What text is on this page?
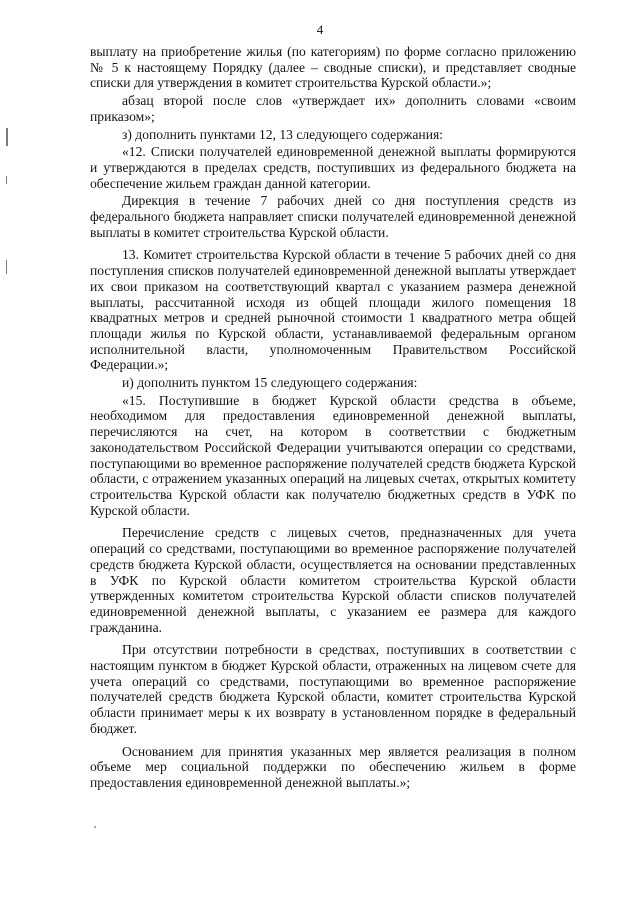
4

выплату на приобретение жилья (по категориям) по форме согласно приложению № 5 к настоящему Порядку (далее – сводные списки), и представляет сводные списки для утверждения в комитет строительства Курской области.»;

абзац второй после слов «утверждает их» дополнить словами «своим приказом»;

з) дополнить пунктами 12, 13 следующего содержания:

«12. Списки получателей единовременной денежной выплаты формируются и утверждаются в пределах средств, поступивших из федерального бюджета на обеспечение жильем граждан данной категории.

Дирекция в течение 7 рабочих дней со дня поступления средств из федерального бюджета направляет списки получателей единовременной денежной выплаты в комитет строительства Курской области.

13. Комитет строительства Курской области в течение 5 рабочих дней со дня поступления списков получателей единовременной денежной выплаты утверждает их свои приказом на соответствующий квартал с указанием размера денежной выплаты, рассчитанной исходя из общей площади жилого помещения 18 квадратных метров и средней рыночной стоимости 1 квадратного метра общей площади жилья по Курской области, устанавливаемой федеральным органом исполнительной власти, уполномоченным Правительством Российской Федерации.»;

и) дополнить пунктом 15 следующего содержания:

«15. Поступившие в бюджет Курской области средства в объеме, необходимом для предоставления единовременной денежной выплаты, перечисляются на счет, на котором в соответствии с бюджетным законодательством Российской Федерации учитываются операции со средствами, поступающими во временное распоряжение получателей средств бюджета Курской области, с отражением указанных операций на лицевых счетах, открытых комитету строительства Курской области как получателю бюджетных средств в УФК по Курской области.

Перечисление средств с лицевых счетов, предназначенных для учета операций со средствами, поступающими во временное распоряжение получателей средств бюджета Курской области, осуществляется на основании представленных в УФК по Курской области комитетом строительства Курской области утвержденных комитетом строительства Курской области списков получателей единовременной денежной выплаты, с указанием ее размера для каждого гражданина.

При отсутствии потребности в средствах, поступивших в соответствии с настоящим пунктом в бюджет Курской области, отраженных на лицевом счете для учета операций со средствами, поступающими во временное распоряжение получателей средств бюджета Курской области, комитет строительства Курской области принимает меры к их возврату в установленном порядке в федеральный бюджет.

Основанием для принятия указанных мер является реализация в полном объеме мер социальной поддержки по обеспечению жильем в форме предоставления единовременной денежной выплаты.»;
